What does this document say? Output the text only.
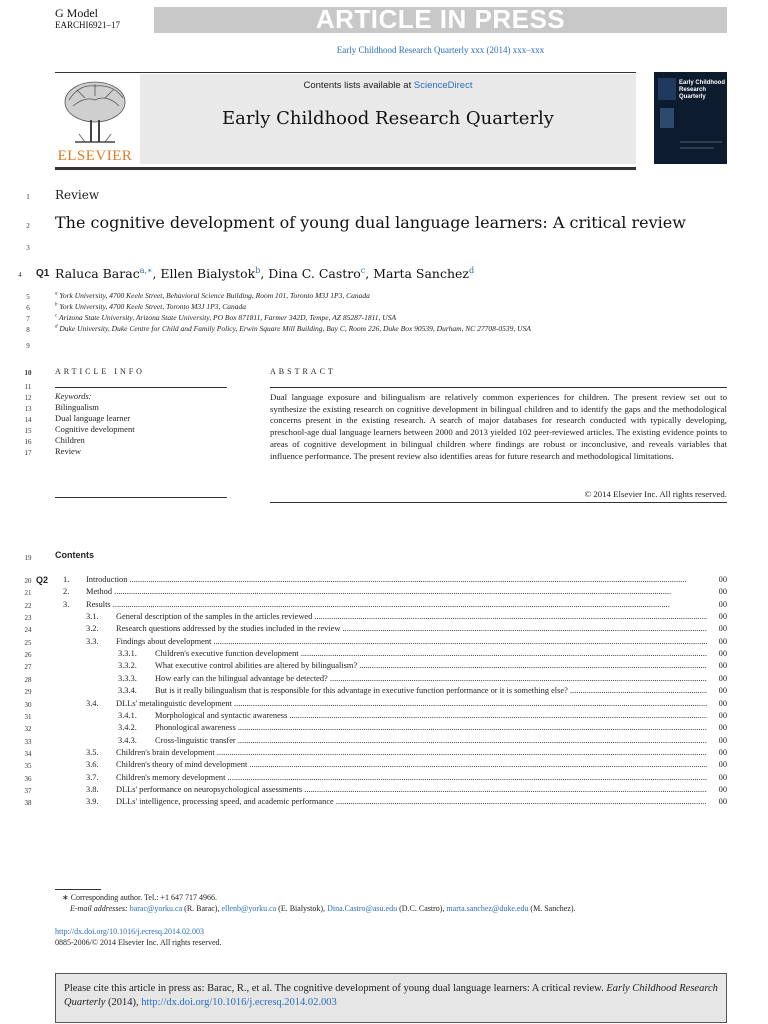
G Model
EARCHI6921–17	ARTICLE IN PRESS
Early Childhood Research Quarterly xxx (2014) xxx–xxx
Contents lists available at ScienceDirect
Early Childhood Research Quarterly
ELSEVIER
Early Childhood Research Quarterly
1
2
3
4
5
6
7
8
9
10
11
12
13
14
15
16
17
19
Review
The cognitive development of young dual language learners: A critical review
Q1 Raluca Barac$^{a,∗}$, Ellen Bialystok$^b$, Dina C. Castro$^c$, Marta Sanchez$^d$
$^a$ York University, 4700 Keele Street, Behavioral Science Building, Room 101, Toronto M3J 1P3, Canada
$^b$ York University, 4700 Keele Street, Toronto M3J 1P3, Canada
$^c$ Arizona State University, Arizona State University, PO Box 871811, Farmer 342D, Tempe, AZ 85287-1811, USA
$^d$ Duke University, Duke Centre for Child and Family Policy, Erwin Square Mill Building, Bay C, Room 226, Duke Box 90539, Durham, NC 27708-0539, USA
ARTICLE INFO	ABSTRACT
Keywords:
Bilingualism
Dual language learner
Cognitive development
Children
Review
Dual language exposure and bilingualism are relatively common experiences for children. The present review set out to synthesize the existing research on cognitive development in bilingual children and to identify the gaps and the methodological concerns present in the existing research. A search of major databases for research conducted with typically developing, preschool-age dual language learners between 2000 and 2013 yielded 102 peer-reviewed articles. The existing evidence points to areas of cognitive development in bilingual children where findings are robust or inconclusive, and reveals variables that influence performance. The present review also identifies areas for future research and methodological limitations.
© 2014 Elsevier Inc. All rights reserved.
Contents
Q2
20	1. Introduction .....	00
21	2. Method .....	00
22	3. Results .....	00
23	3.1. General description of the samples in the articles reviewed .....	00
24	3.2. Research questions addressed by the studies included in the review .....	00
25	3.3. Findings about development .....	00
26	3.3.1. Children's executive function development .....	00
27	3.3.2. What executive control abilities are altered by bilingualism? .....	00
28	3.3.3. How early can the bilingual advantage be detected? .....	00
29	3.3.4. But is it really bilingualism that is responsible for this advantage in executive function performance or it is something else? .....	00
30	3.4. DLLs' metalinguistic development .....	00
31	3.4.1. Morphological and syntactic awareness .....	00
32	3.4.2. Phonological awareness .....	00
33	3.4.3. Cross-linguistic transfer .....	00
34	3.5. Children's brain development .....	00
35	3.6. Children's theory of mind development .....	00
36	3.7. Children's memory development .....	00
37	3.8. DLLs' performance on neuropsychological assessments .....	00
38	3.9. DLLs' intelligence, processing speed, and academic performance .....	00
∗ Corresponding author. Tel.: +1 647 717 4966.
E-mail addresses: barac@yorku.ca (R. Barac), ellenb@yorku.ca (E. Bialystok), Dina.Castro@asu.edu (D.C. Castro), marta.sanchez@duke.edu (M. Sanchez).
http://dx.doi.org/10.1016/j.ecresq.2014.02.003
0885-2006/© 2014 Elsevier Inc. All rights reserved.
Please cite this article in press as: Barac, R., et al. The cognitive development of young dual language learners: A critical review. Early Childhood Research Quarterly (2014), http://dx.doi.org/10.1016/j.ecresq.2014.02.003
